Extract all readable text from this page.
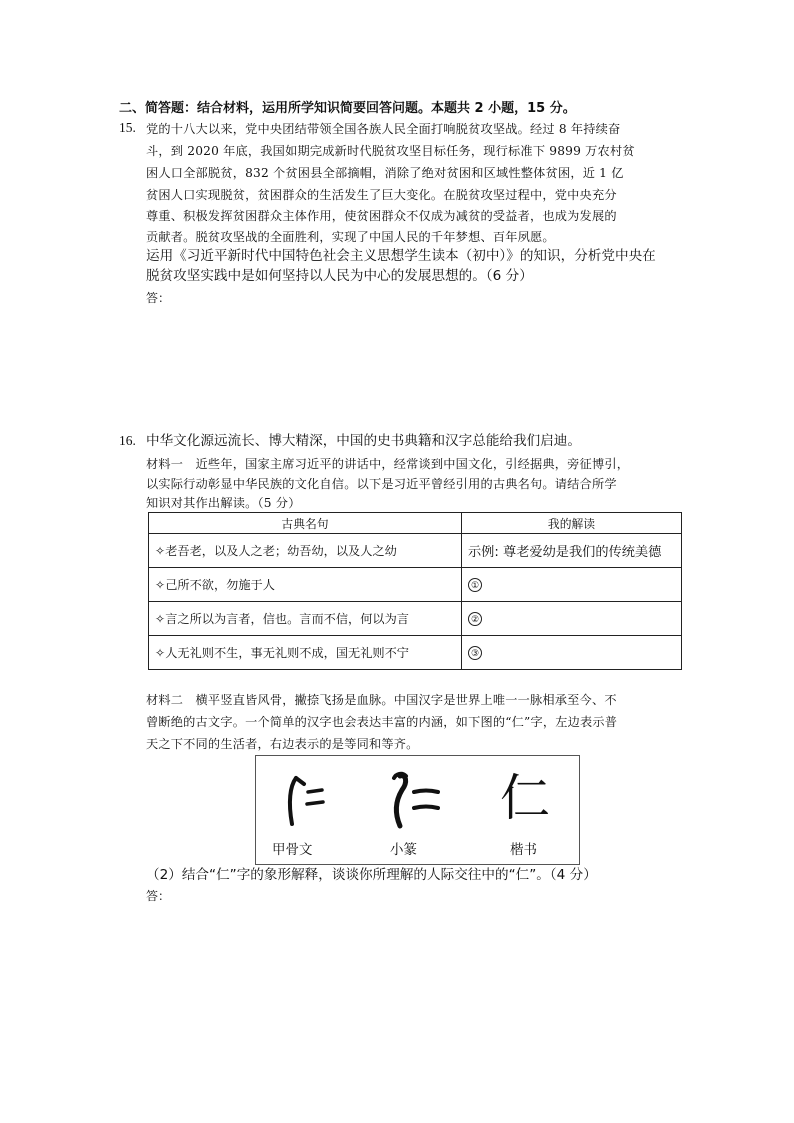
二、简答题：结合材料，运用所学知识简要回答问题。本题共 2 小题，15 分。
15. 党的十八大以来，党中央团结带领全国各族人民全面打响脱贫攻坚战。经过 8 年持续奋
斗，到 2020 年底，我国如期完成新时代脱贫攻坚目标任务，现行标准下 9899 万农村贫
困人口全部脱贫，832 个贫困县全部摘帽，消除了绝对贫困和区域性整体贫困，近 1 亿
贫困人口实现脱贫，贫困群众的生活发生了巨大变化。在脱贫攻坚过程中，党中央充分
尊重、积极发挥贫困群众主体作用，使贫困群众不仅成为减贫的受益者，也成为发展的
贡献者。脱贫攻坚战的全面胜利，实现了中国人民的千年梦想、百年夙愿。
运用《习近平新时代中国特色社会主义思想学生读本（初中）》的知识，分析党中央在
脱贫攻坚实践中是如何坚持以人民为中心的发展思想的。（6 分）
答：
16. 中华文化源远流长、博大精深，中国的史书典籍和汉字总能给我们启迪。
材料一　近些年，国家主席习近平的讲话中，经常谈到中国文化，引经据典，旁征博引，
以实际行动彰显中华民族的文化自信。以下是习近平曾经引用的古典名句。请结合所学
知识对其作出解读。（5 分）
古典名句	我的解读
✧老吾老，以及人之老；幼吾幼，以及人之幼	示例: 尊老爱幼是我们的传统美德
✧己所不欲，勿施于人	①
✧言之所以为言者，信也。言而不信，何以为言	②
✧人无礼则不生，事无礼则不成，国无礼则不宁	③
材料二　横平竖直皆风骨，撇捺飞扬是血脉。中国汉字是世界上唯一一脉相承至今、不
曾断绝的古文字。一个简单的汉字也会表达丰富的内涵，如下图的“仁”字，左边表示普
天之下不同的生活者，右边表示的是等同和等齐。
仁
甲骨文	小篆	楷书
（2）结合“仁”字的象形解释，谈谈你所理解的人际交往中的“仁”。（4 分）
答：
